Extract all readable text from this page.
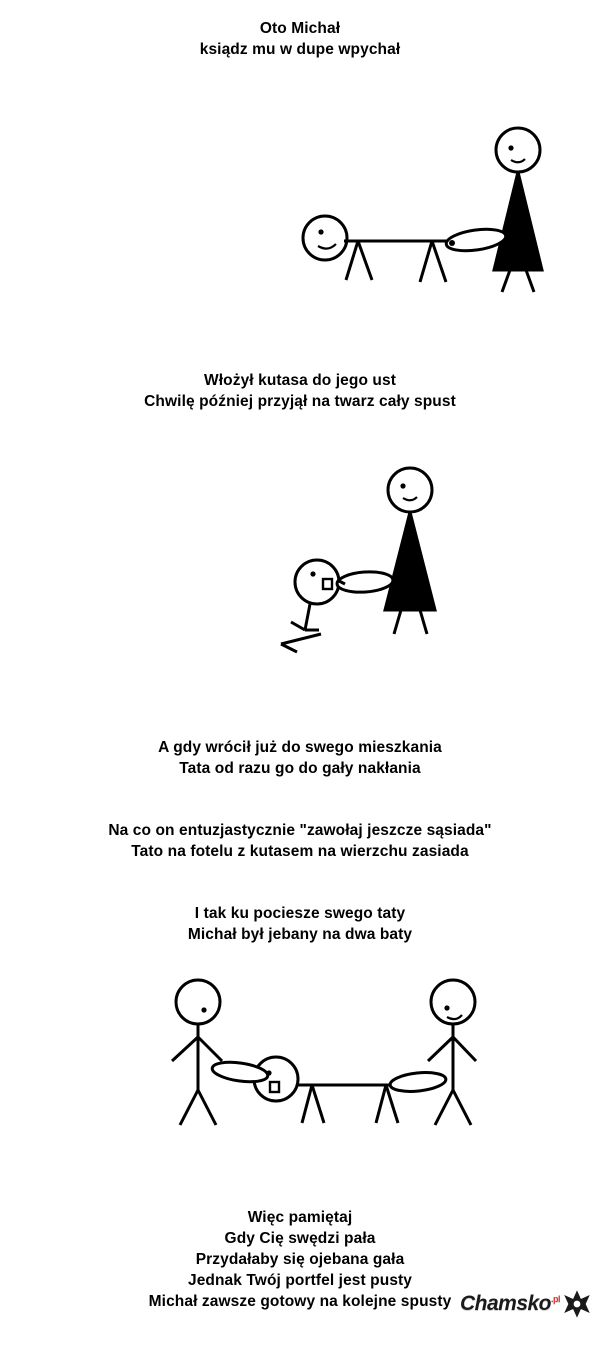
Oto Michał
ksiądz mu w dupe wpychał
Włożył kutasa do jego ust
Chwilę później przyjął na twarz cały spust
A gdy wrócił już do swego mieszkania
Tata od razu go do gały nakłania
Na co on entuzjastycznie "zawołaj jeszcze sąsiada"
Tato na fotelu z kutasem na wierzchu zasiada
I tak ku pociesze swego taty
Michał był jebany na dwa baty
Więc pamiętaj
Gdy Cię swędzi pała
Przydałaby się ojebana gała
Jednak Twój portfel jest pusty
Michał zawsze gotowy na kolejne spusty Chamsko$^{.pl}$
